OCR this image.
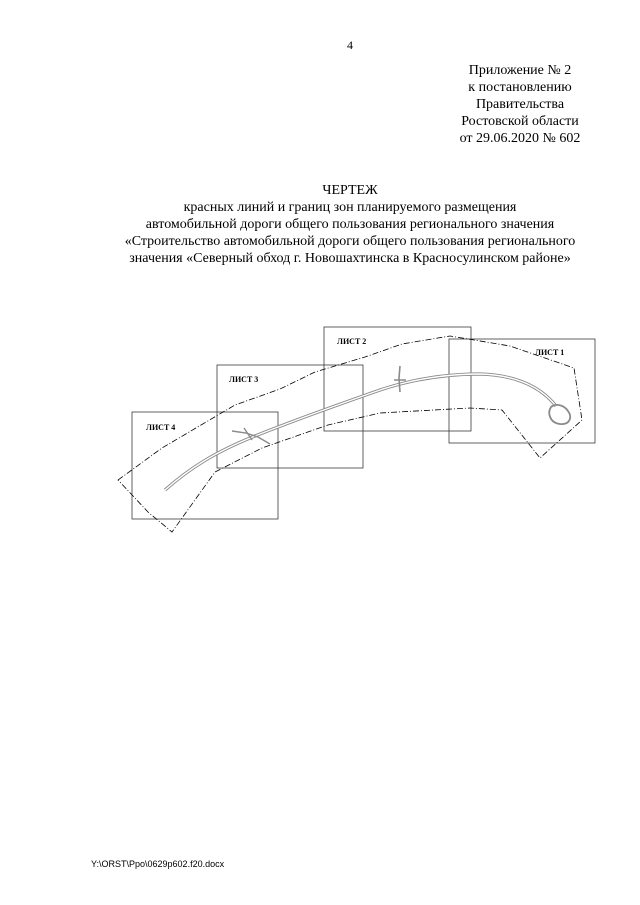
4
Приложение № 2
к постановлению
Правительства
Ростовской области
от 29.06.2020 № 602
ЧЕРТЕЖ
красных линий и границ зон планируемого размещения
автомобильной дороги общего пользования регионального значения
«Строительство автомобильной дороги общего пользования регионального
значения «Северный обход г. Новошахтинска в Красносулинском районе»
ЛИСТ 4
ЛИСТ 3
ЛИСТ 2
ЛИСТ 1
Y:\ORST\Ppo\0629p602.f20.docx
